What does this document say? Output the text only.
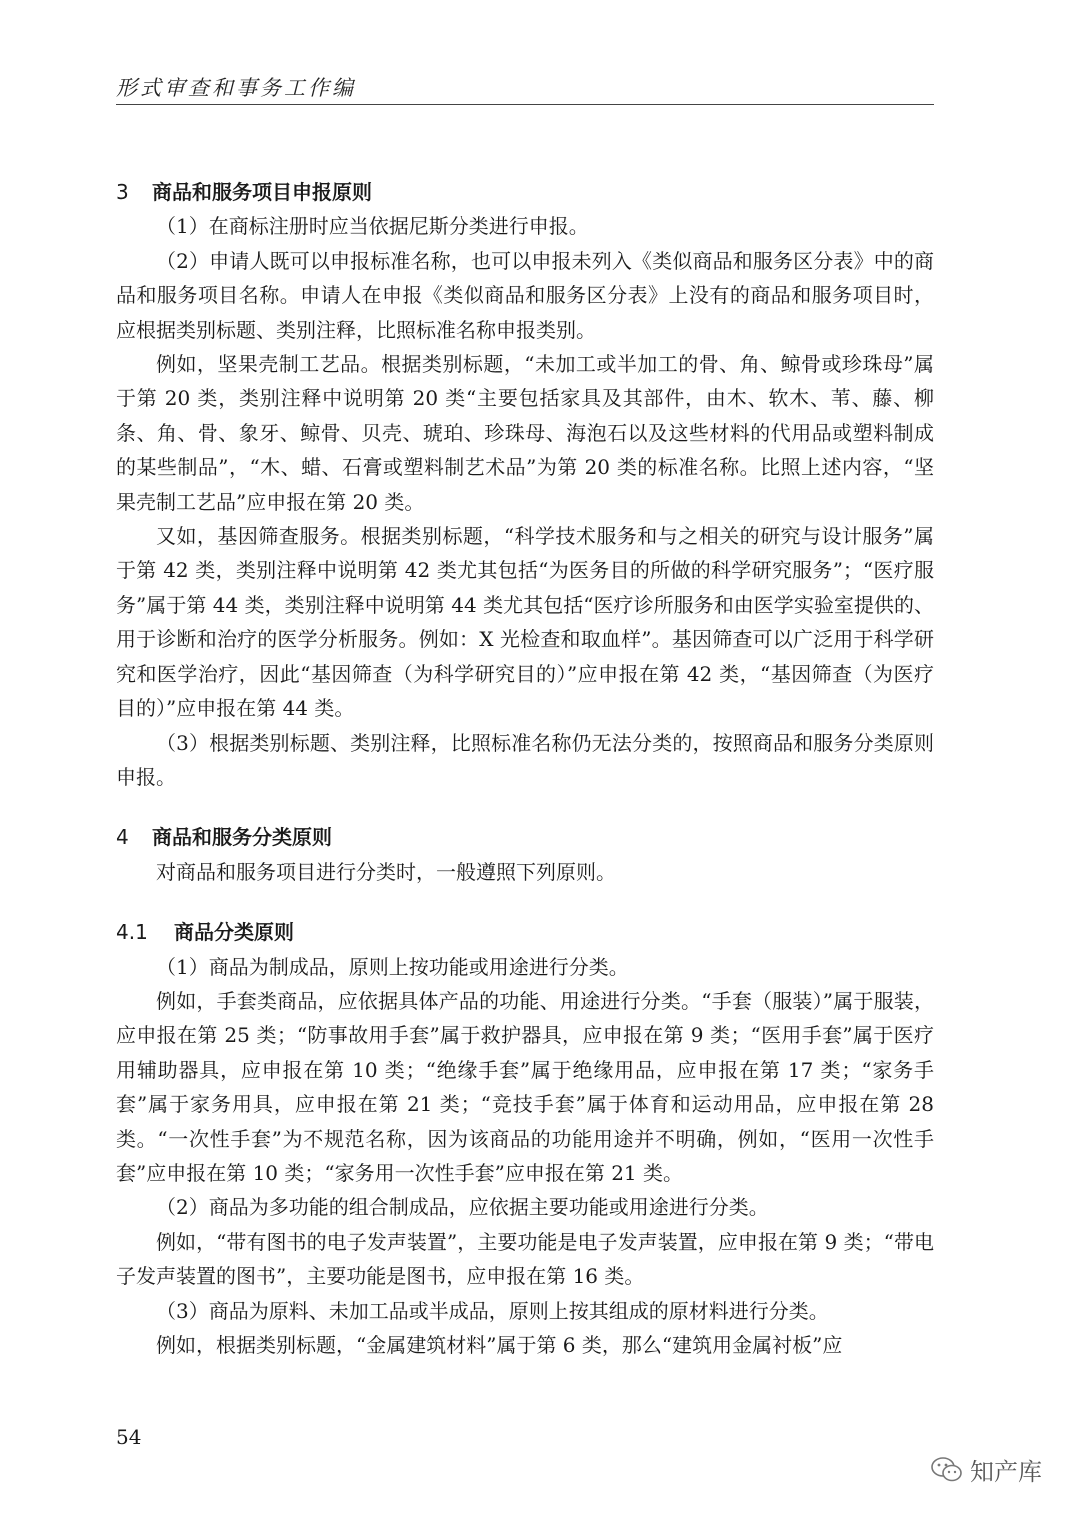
形式审查和事务工作编
3 商品和服务项目申报原则

（1）在商标注册时应当依据尼斯分类进行申报。

（2）申请人既可以申报标准名称，也可以申报未列入《类似商品和服务区分表》中的商品和服务项目名称。申请人在申报《类似商品和服务区分表》上没有的商品和服务项目时，应根据类别标题、类别注释，比照标准名称申报类别。

例如，坚果壳制工艺品。根据类别标题，“未加工或半加工的骨、角、鲸骨或珍珠母”属于第 20 类，类别注释中说明第 20 类“主要包括家具及其部件，由木、软木、苇、藤、柳条、角、骨、象牙、鲸骨、贝壳、琥珀、珍珠母、海泡石以及这些材料的代用品或塑料制成的某些制品”，“木、蜡、石膏或塑料制艺术品”为第 20 类的标准名称。比照上述内容，“坚果壳制工艺品”应申报在第 20 类。

又如，基因筛查服务。根据类别标题，“科学技术服务和与之相关的研究与设计服务”属于第 42 类，类别注释中说明第 42 类尤其包括“为医务目的所做的科学研究服务”；“医疗服务”属于第 44 类，类别注释中说明第 44 类尤其包括“医疗诊所服务和由医学实验室提供的、用于诊断和治疗的医学分析服务。例如：X 光检查和取血样”。基因筛查可以广泛用于科学研究和医学治疗，因此“基因筛查（为科学研究目的）”应申报在第 42 类，“基因筛查（为医疗目的）”应申报在第 44 类。

（3）根据类别标题、类别注释，比照标准名称仍无法分类的，按照商品和服务分类原则申报。

4 商品和服务分类原则

对商品和服务项目进行分类时，一般遵照下列原则。

4.1 商品分类原则

（1）商品为制成品，原则上按功能或用途进行分类。

例如，手套类商品，应依据具体产品的功能、用途进行分类。“手套（服装）”属于服装，应申报在第 25 类；“防事故用手套”属于救护器具，应申报在第 9 类；“医用手套”属于医疗用辅助器具，应申报在第 10 类；“绝缘手套”属于绝缘用品，应申报在第 17 类；“家务手套”属于家务用具，应申报在第 21 类；“竞技手套”属于体育和运动用品，应申报在第 28 类。“一次性手套”为不规范名称，因为该商品的功能用途并不明确，例如，“医用一次性手套”应申报在第 10 类；“家务用一次性手套”应申报在第 21 类。

（2）商品为多功能的组合制成品，应依据主要功能或用途进行分类。

例如，“带有图书的电子发声装置”，主要功能是电子发声装置，应申报在第 9 类；“带电子发声装置的图书”，主要功能是图书，应申报在第 16 类。

（3）商品为原料、未加工品或半成品，原则上按其组成的原材料进行分类。

例如，根据类别标题，“金属建筑材料”属于第 6 类，那么“建筑用金属衬板”应

54
知产库
